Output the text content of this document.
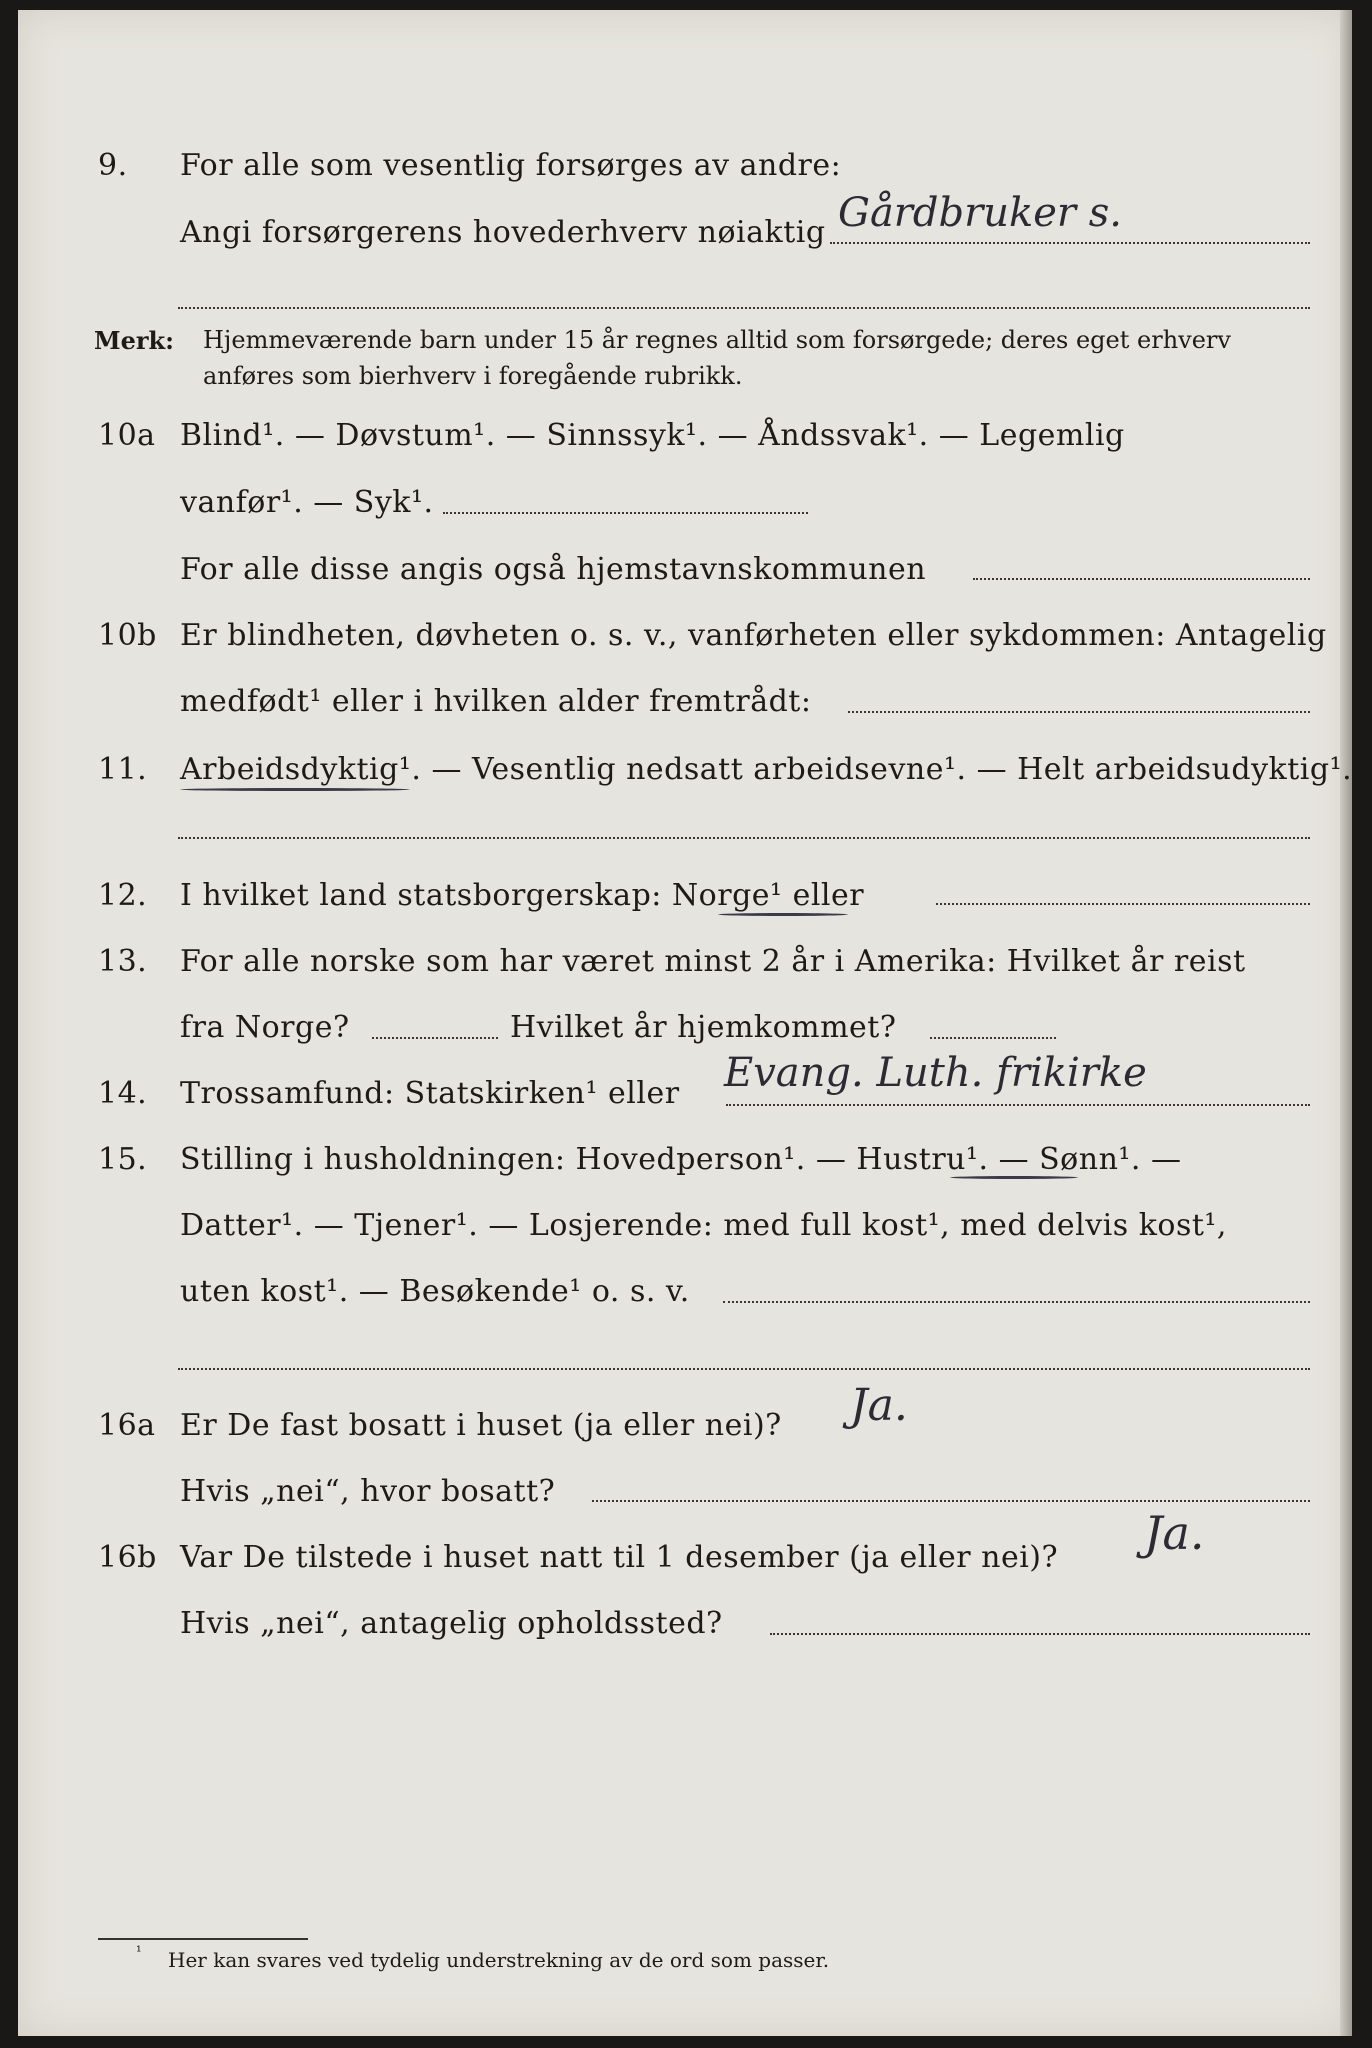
9. For alle som vesentlig forsørges av andre:
Angi forsørgerens hovederhverv nøiaktig Gårdbruker s.
Merk: Hjemmeværende barn under 15 år regnes alltid som forsørgede; deres eget erhverv
anføres som bierhverv i foregående rubrikk.
10a Blind¹. — Døvstum¹. — Sinnssyk¹. — Åndssvak¹. — Legemlig
vanfør¹. — Syk¹.
For alle disse angis også hjemstavnskommunen
10b Er blindheten, døvheten o. s. v., vanførheten eller sykdommen: Antagelig
medfødt¹ eller i hvilken alder fremtrådt:
11. Arbeidsdyktig¹. — Vesentlig nedsatt arbeidsevne¹. — Helt arbeidsudyktig¹.
12. I hvilket land statsborgerskap: Norge¹ eller
13. For alle norske som har været minst 2 år i Amerika: Hvilket år reist
fra Norge?	Hvilket år hjemkommet?
14. Trossamfund: Statskirken¹ eller Evang. Luth. frikirke
15. Stilling i husholdningen: Hovedperson¹. — Hustru¹. — Sønn¹. —
Datter¹. — Tjener¹. — Losjerende: med full kost¹, med delvis kost¹,
uten kost¹. — Besøkende¹ o. s. v.
16a Er De fast bosatt i huset (ja eller nei)? Ja.
Hvis „nei“, hvor bosatt?
16b Var De tilstede i huset natt til 1 desember (ja eller nei)? Ja.
Hvis „nei“, antagelig opholdssted?
¹ Her kan svares ved tydelig understrekning av de ord som passer.
